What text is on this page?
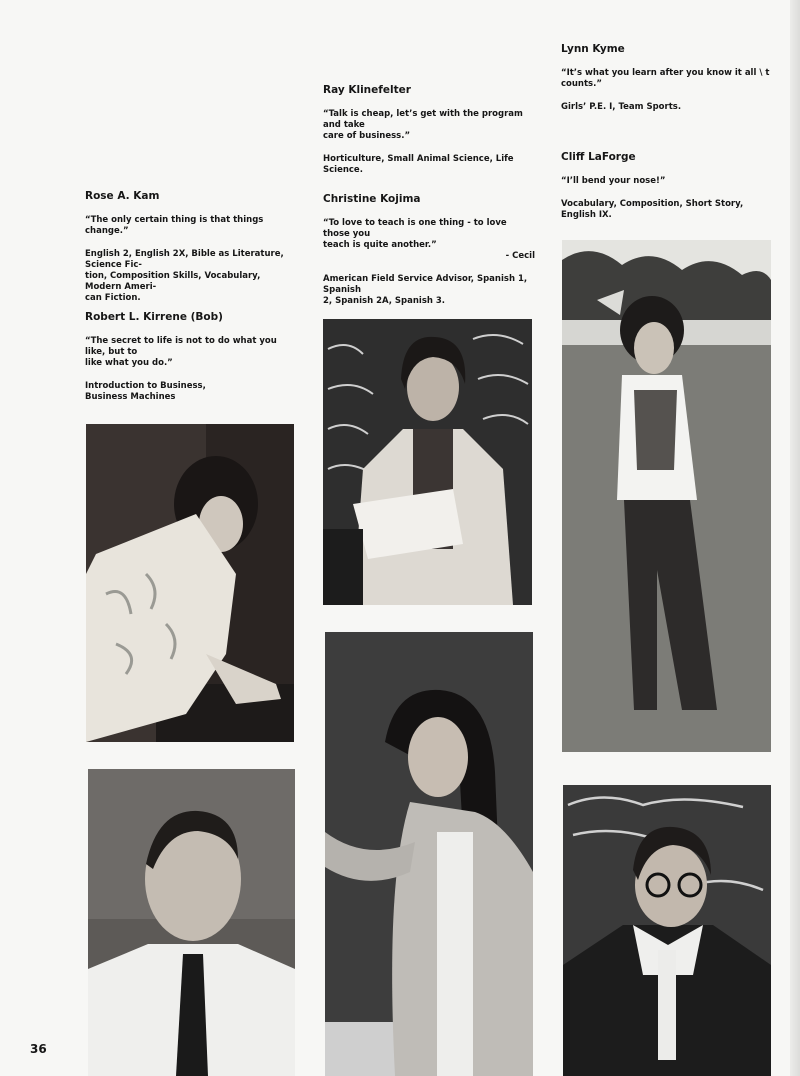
Rose A. Kam

“The only certain thing is that things change.”

English 2, English 2X, Bible as Literature, Science Fic-
tion, Composition Skills, Vocabulary, Modern Ameri-
can Fiction.

Robert L. Kirrene (Bob)

“The secret to life is not to do what you like, but to
like what you do.”

Introduction to Business,
Business Machines

Ray Klinefelter

“Talk is cheap, let’s get with the program and take
care of business.”

Horticulture, Small Animal Science, Life Science.

Christine Kojima

“To love to teach is one thing - to love those you
teach is quite another.”
- Cecil

American Field Service Advisor, Spanish 1, Spanish
2, Spanish 2A, Spanish 3.

Lynn Kyme

“It’s what you learn after you know it all \ t
counts.”

Girls’ P.E. I, Team Sports.

Cliff LaForge

“I’ll bend your nose!”

Vocabulary, Composition, Short Story, English IX.

36
